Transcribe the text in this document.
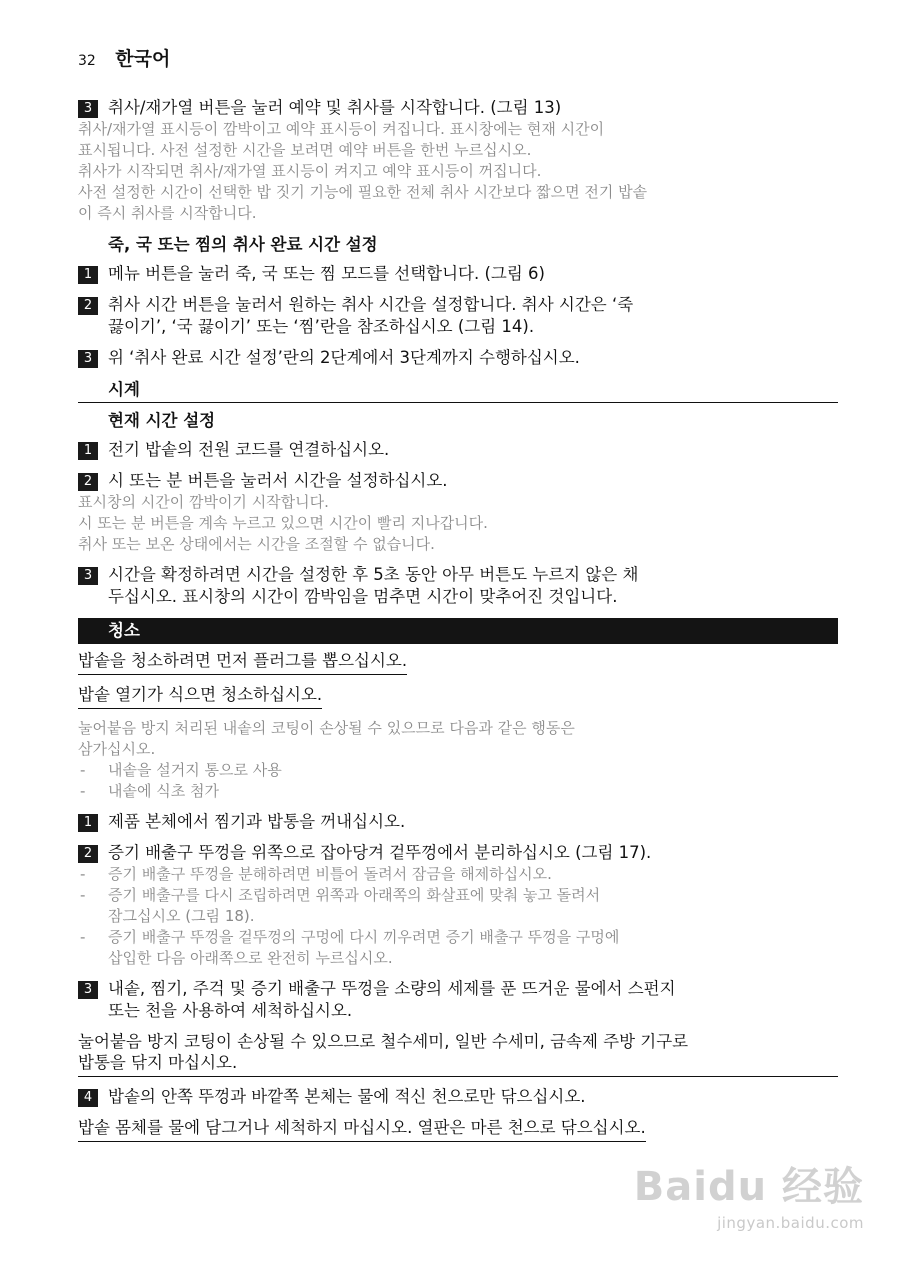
32 한국어
3 취사/재가열 버튼을 눌러 예약 및 취사를 시작합니다. (그림 13)
취사/재가열 표시등이 깜박이고 예약 표시등이 켜집니다. 표시창에는 현재 시간이
표시됩니다. 사전 설정한 시간을 보려면 예약 버튼을 한번 누르십시오.
취사가 시작되면 취사/재가열 표시등이 켜지고 예약 표시등이 꺼집니다.
사전 설정한 시간이 선택한 밥 짓기 기능에 필요한 전체 취사 시간보다 짧으면 전기 밥솥
이 즉시 취사를 시작합니다.
죽, 국 또는 찜의 취사 완료 시간 설정
1 메뉴 버튼을 눌러 죽, 국 또는 찜 모드를 선택합니다. (그림 6)
2 취사 시간 버튼을 눌러서 원하는 취사 시간을 설정합니다. 취사 시간은 ‘죽
끓이기’, ‘국 끓이기’ 또는 ‘찜’란을 참조하십시오 (그림 14).
3 위 ‘취사 완료 시간 설정’란의 2단계에서 3단계까지 수행하십시오.
시계
현재 시간 설정
1 전기 밥솥의 전원 코드를 연결하십시오.
2 시 또는 분 버튼을 눌러서 시간을 설정하십시오.
표시창의 시간이 깜박이기 시작합니다.
시 또는 분 버튼을 계속 누르고 있으면 시간이 빨리 지나갑니다.
취사 또는 보온 상태에서는 시간을 조절할 수 없습니다.
3 시간을 확정하려면 시간을 설정한 후 5초 동안 아무 버튼도 누르지 않은 채
두십시오. 표시창의 시간이 깜박임을 멈추면 시간이 맞추어진 것입니다.
청소
밥솥을 청소하려면 먼저 플러그를 뽑으십시오.
밥솥 열기가 식으면 청소하십시오.
눌어붙음 방지 처리된 내솥의 코팅이 손상될 수 있으므로 다음과 같은 행동은
삼가십시오.
- 내솥을 설거지 통으로 사용
- 내솥에 식초 첨가
1 제품 본체에서 찜기과 밥통을 꺼내십시오.
2 증기 배출구 뚜껑을 위쪽으로 잡아당겨 겉뚜껑에서 분리하십시오 (그림 17).
- 증기 배출구 뚜껑을 분해하려면 비틀어 돌려서 잠금을 해제하십시오.
- 증기 배출구를 다시 조립하려면 위쪽과 아래쪽의 화살표에 맞춰 놓고 돌려서
잠그십시오 (그림 18).
- 증기 배출구 뚜껑을 겉뚜껑의 구멍에 다시 끼우려면 증기 배출구 뚜껑을 구멍에
삽입한 다음 아래쪽으로 완전히 누르십시오.
3 내솥, 찜기, 주걱 및 증기 배출구 뚜껑을 소량의 세제를 푼 뜨거운 물에서 스펀지
또는 천을 사용하여 세척하십시오.
눌어붙음 방지 코팅이 손상될 수 있으므로 철수세미, 일반 수세미, 금속제 주방 기구로
밥통을 닦지 마십시오.
4 밥솥의 안쪽 뚜껑과 바깥쪽 본체는 물에 적신 천으로만 닦으십시오.
밥솥 몸체를 물에 담그거나 세척하지 마십시오. 열판은 마른 천으로 닦으십시오.
Baidu 经验
jingyan.baidu.com
